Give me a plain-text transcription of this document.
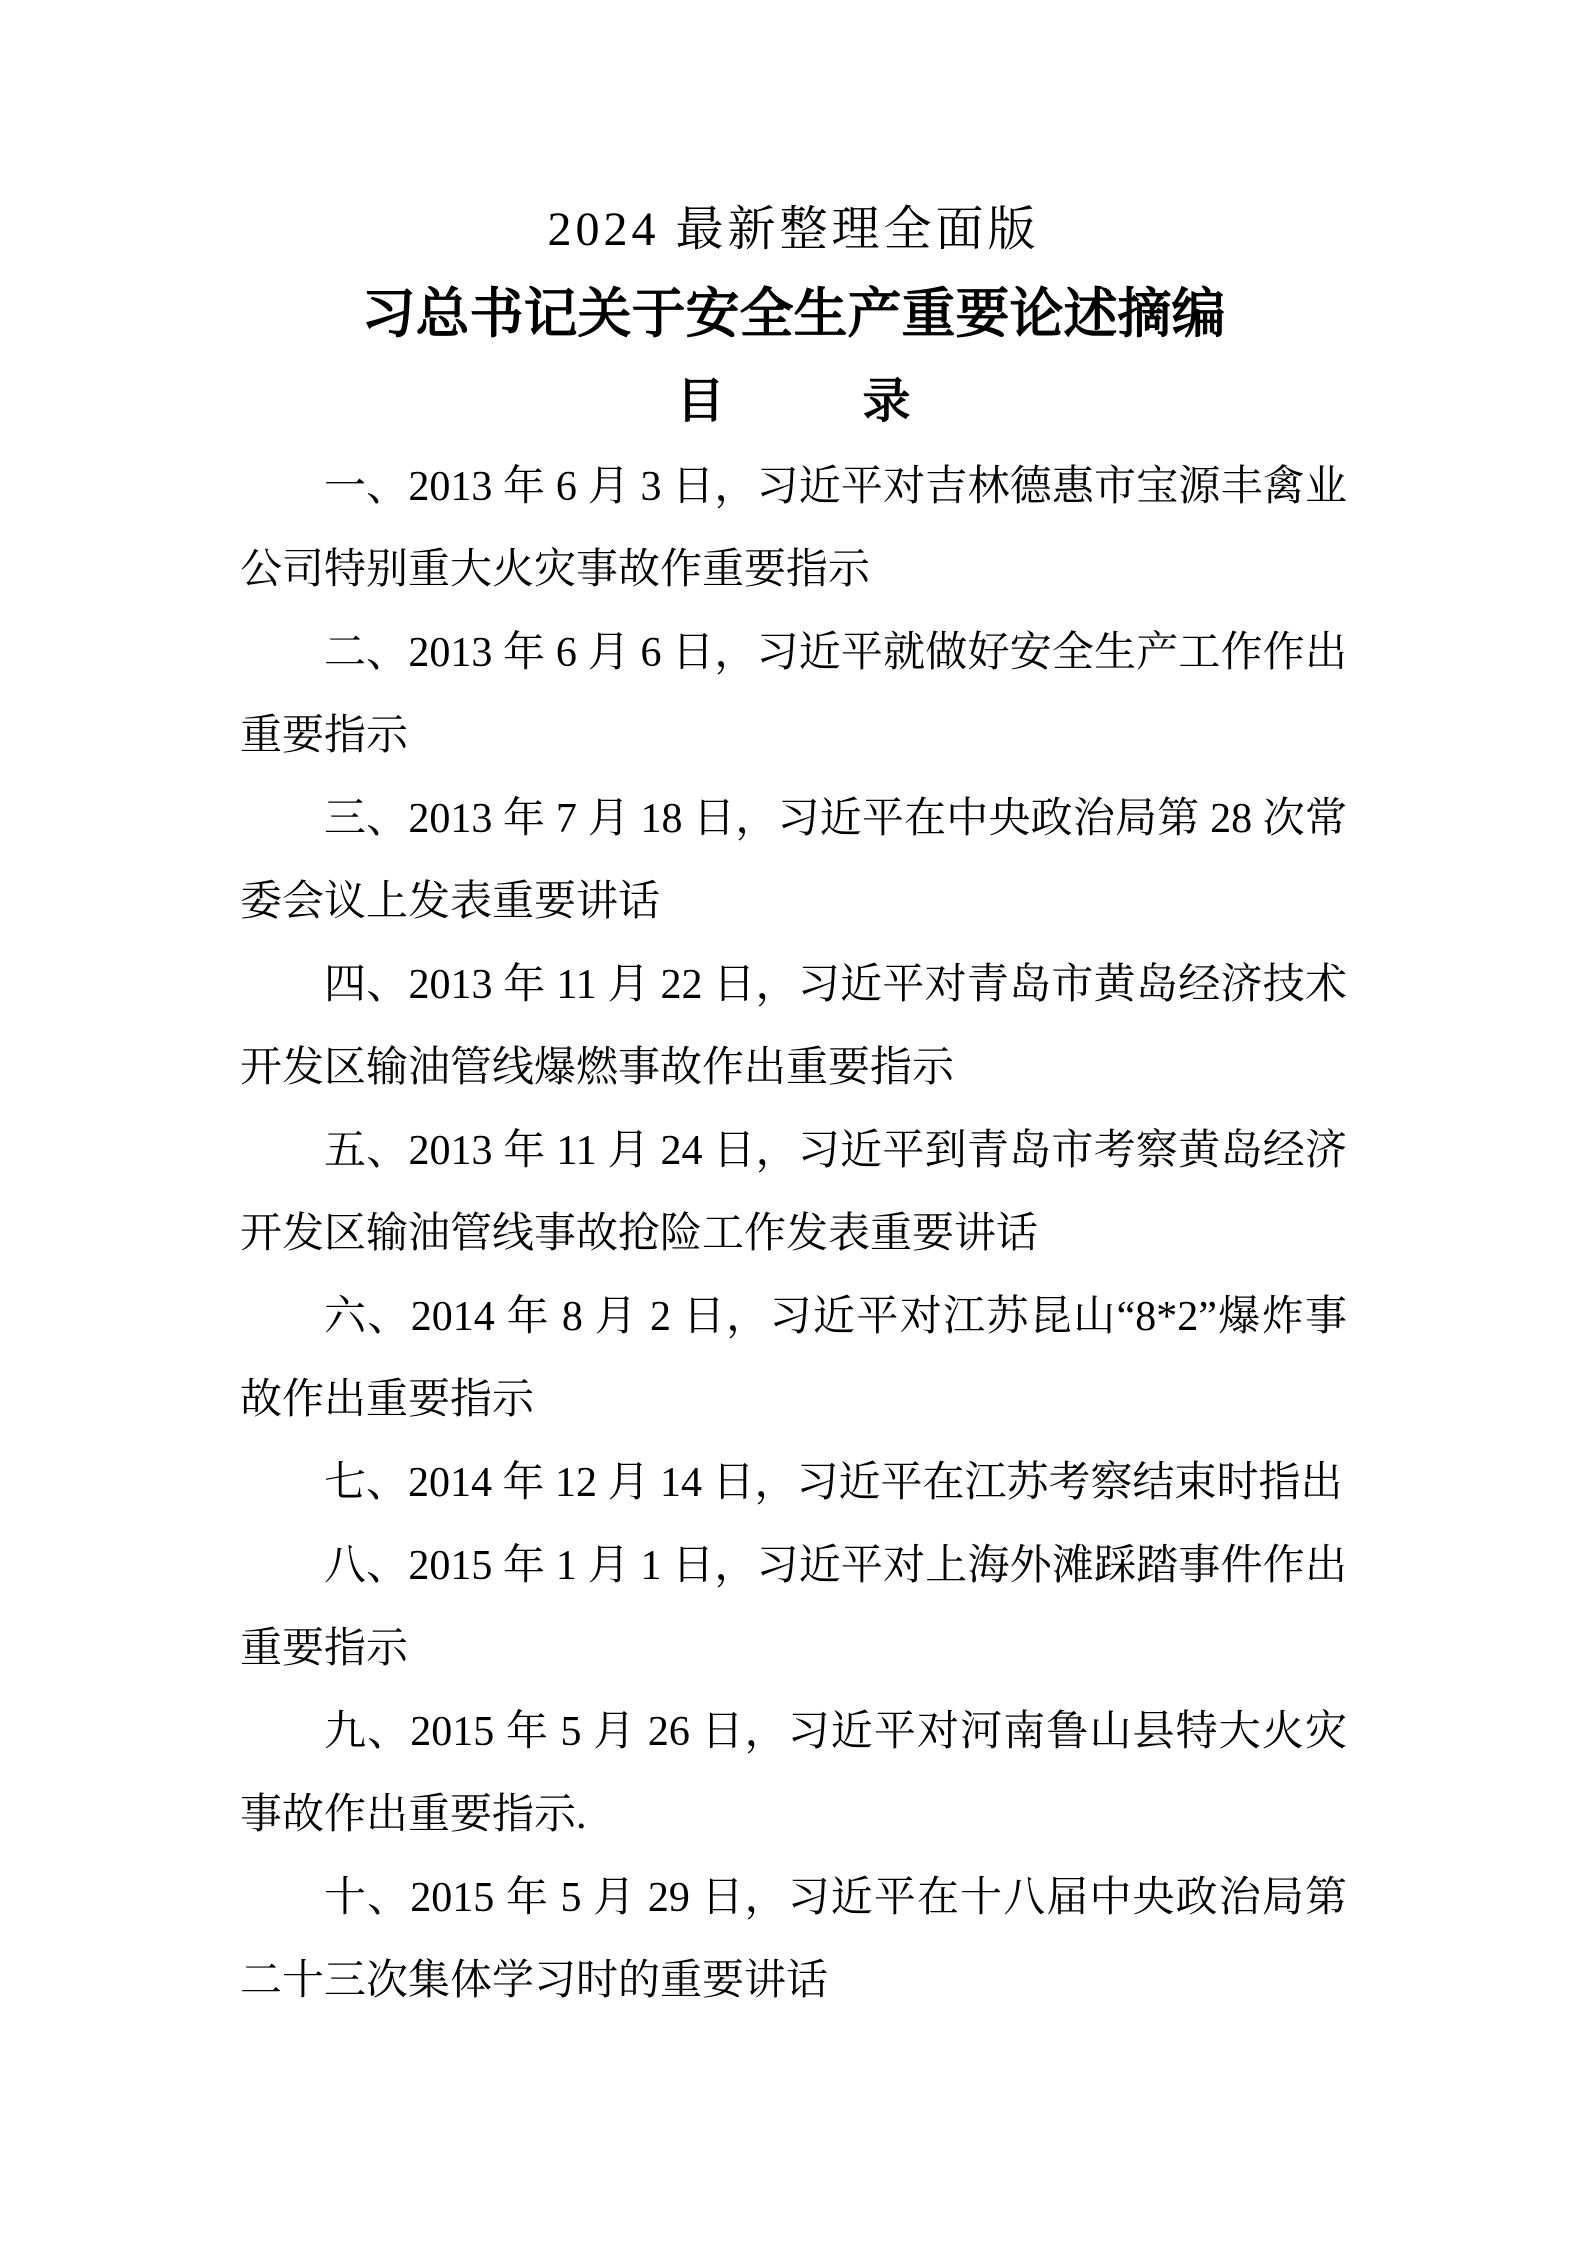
2024 最新整理全面版

习总书记关于安全生产重要论述摘编
目　　录

一、2013 年 6 月 3 日，习近平对吉林德惠市宝源丰禽业公司特别重大火灾事故作重要指示

二、2013 年 6 月 6 日，习近平就做好安全生产工作作出重要指示

三、2013 年 7 月 18 日，习近平在中央政治局第 28 次常委会议上发表重要讲话

四、2013 年 11 月 22 日，习近平对青岛市黄岛经济技术开发区输油管线爆燃事故作出重要指示

五、2013 年 11 月 24 日，习近平到青岛市考察黄岛经济开发区输油管线事故抢险工作发表重要讲话

六、2014 年 8 月 2 日，习近平对江苏昆山“8*2”爆炸事故作出重要指示

七、2014 年 12 月 14 日，习近平在江苏考察结束时指出

八、2015 年 1 月 1 日，习近平对上海外滩踩踏事件作出重要指示

九、2015 年 5 月 26 日，习近平对河南鲁山县特大火灾事故作出重要指示.

十、2015 年 5 月 29 日，习近平在十八届中央政治局第二十三次集体学习时的重要讲话
